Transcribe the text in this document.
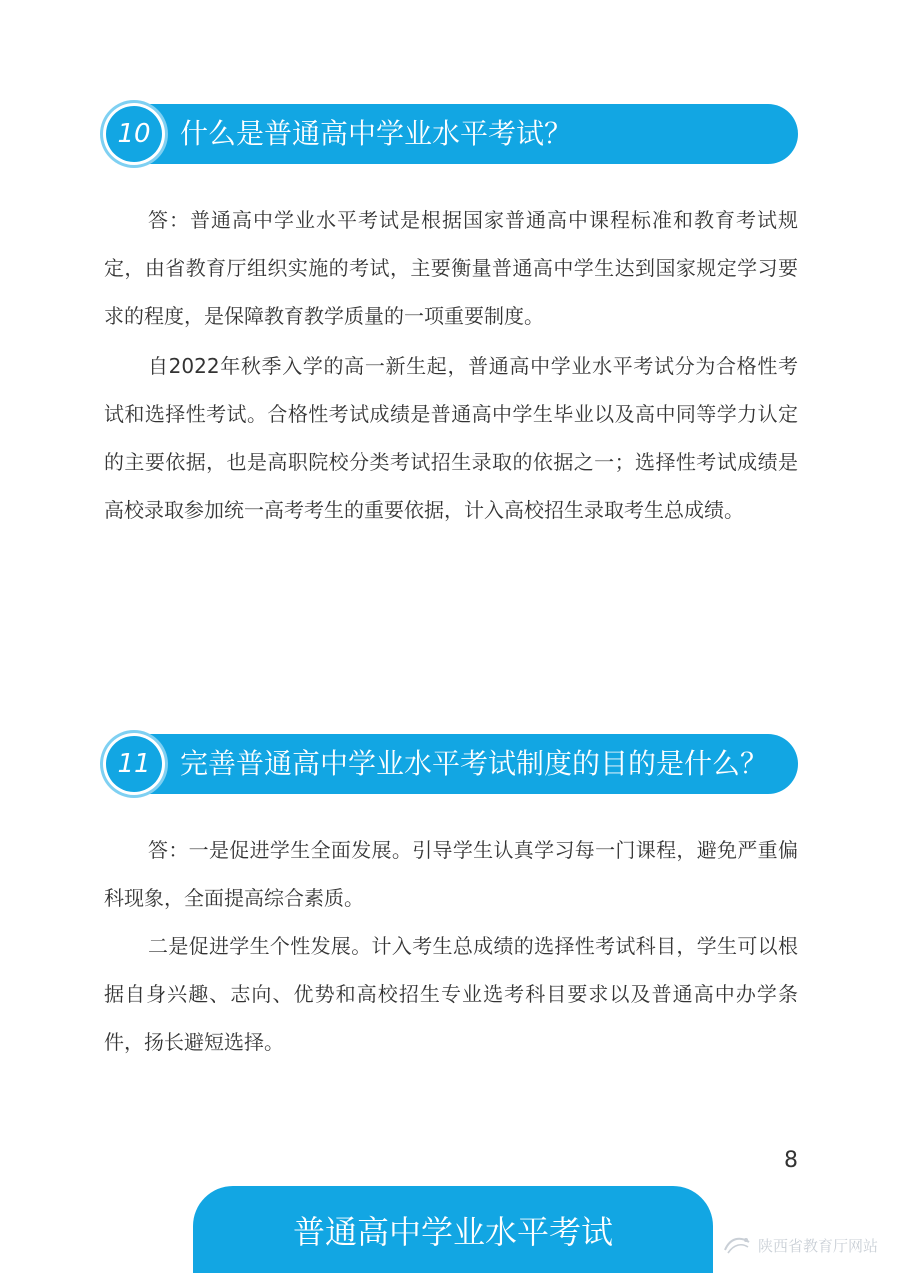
10 什么是普通高中学业水平考试？

答：普通高中学业水平考试是根据国家普通高中课程标准和教育考试规定，由省教育厅组织实施的考试，主要衡量普通高中学生达到国家规定学习要求的程度，是保障教育教学质量的一项重要制度。

自2022年秋季入学的高一新生起，普通高中学业水平考试分为合格性考试和选择性考试。合格性考试成绩是普通高中学生毕业以及高中同等学力认定的主要依据，也是高职院校分类考试招生录取的依据之一；选择性考试成绩是高校录取参加统一高考考生的重要依据，计入高校招生录取考生总成绩。

11 完善普通高中学业水平考试制度的目的是什么？

答：一是促进学生全面发展。引导学生认真学习每一门课程，避免严重偏科现象，全面提高综合素质。

二是促进学生个性发展。计入考生总成绩的选择性考试科目，学生可以根据自身兴趣、志向、优势和高校招生专业选考科目要求以及普通高中办学条件，扬长避短选择。

8
普通高中学业水平考试	陕西省教育厅网站
